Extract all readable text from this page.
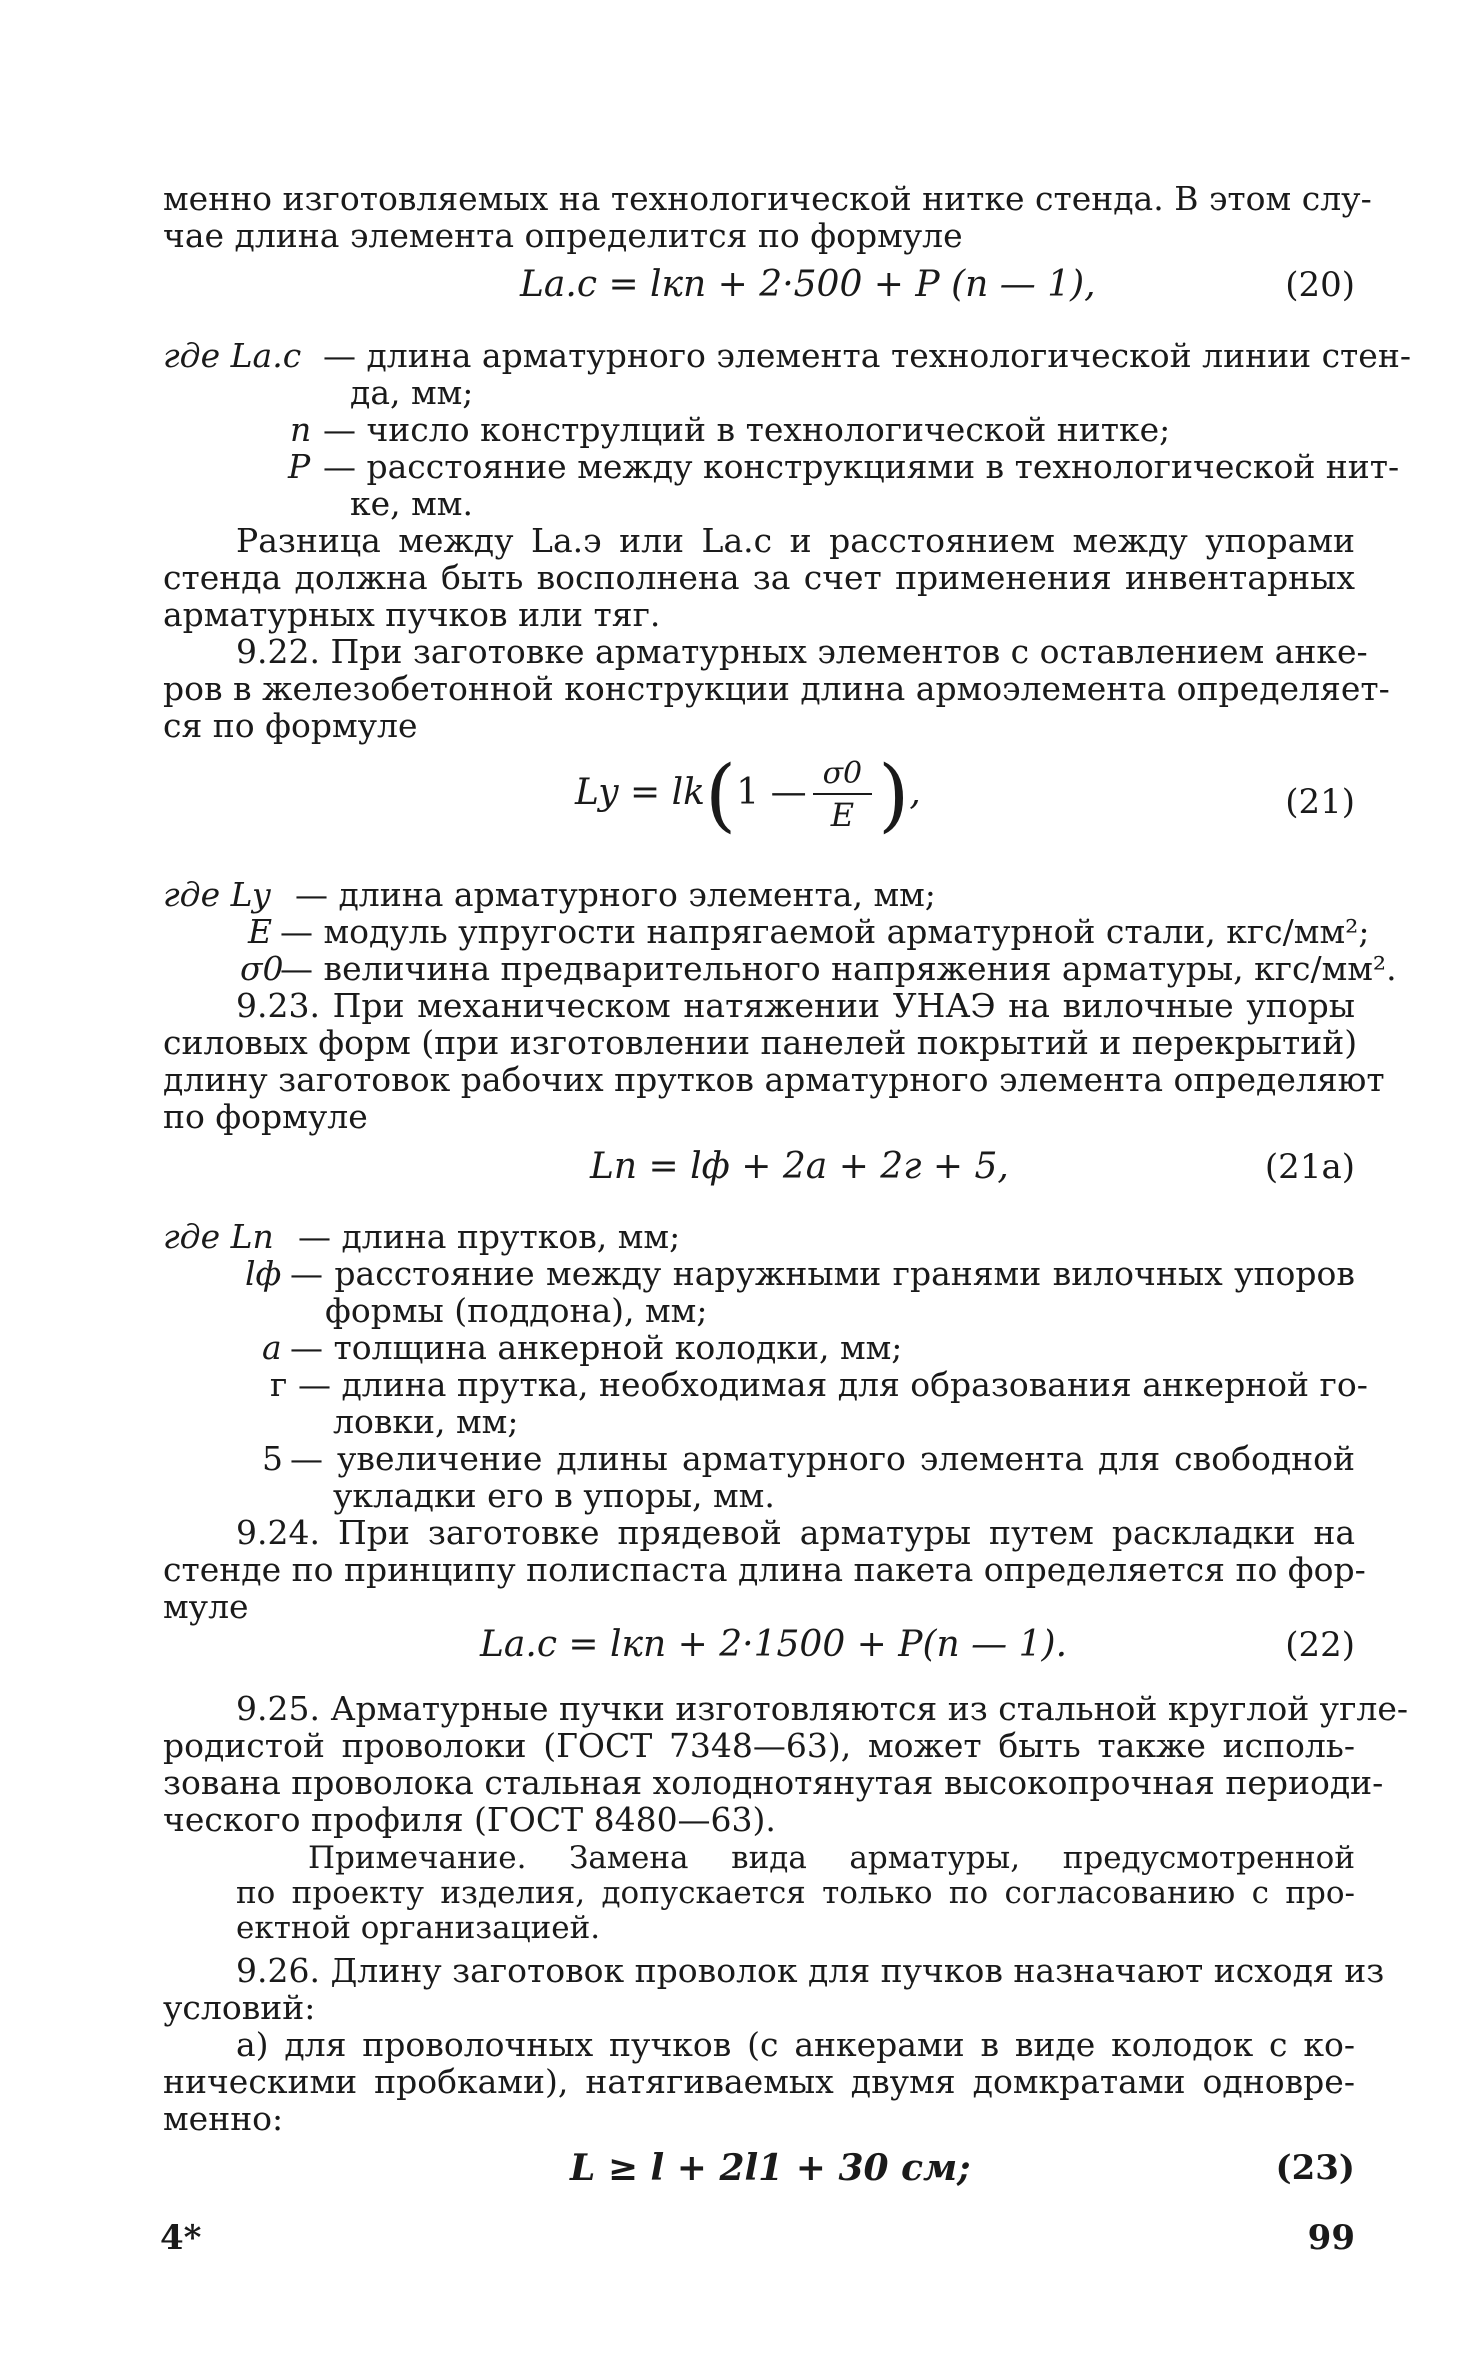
менно изготовляемых на технологической нитке стенда. В этом слу-
чае длина элемента определится по формуле
Lа.с = lкn + 2·500 + P (n — 1),	(20)
где Lа.с — длина арматурного элемента технологической линии стен-
да, мм;
n — число конструлций в технологической нитке;
P — расстояние между конструкциями в технологической нит-
ке, мм.
Разница между Lа.э или Lа.с и расстоянием между упорами
стенда должна быть восполнена за счет применения инвентарных
арматурных пучков или тяг.
9.22. При заготовке арматурных элементов с оставлением анке-
ров в железобетонной конструкции длина армоэлемента определяет-
ся по формуле
Ly = lk(1 — $\frac{\sigma 0}{E}$ ),	(21)
где Ly — длина арматурного элемента, мм;
E — модуль упругости напрягаемой арматурной стали, кгс/мм²;
σ0
— величина предварительного напряжения арматуры, кгс/мм².
9.23. При механическом натяжении УНАЭ на вилочные упоры
силовых форм (при изготовлении панелей покрытий и перекрытий)
длину заготовок рабочих прутков арматурного элемента определяют
по формуле
Lп = lф + 2a + 2г + 5,	(21а)
где Lп — длина прутков, мм;
lф — расстояние между наружными гранями вилочных упоров
формы (поддона), мм;
a — толщина анкерной колодки, мм;
г — длина прутка, необходимая для образования анкерной го-
ловки, мм;
5 — увеличение длины арматурного элемента для свободной
укладки его в упоры, мм.
9.24. При заготовке прядевой арматуры путем раскладки на
стенде по принципу полиспаста длина пакета определяется по фор-
муле
Lа.с = lкn + 2·1500 + P(n — 1).	(22)
9.25. Арматурные пучки изготовляются из стальной круглой угле-
родистой проволоки (ГОСТ 7348—63), может быть также исполь-
зована проволока стальная холоднотянутая высокопрочная периоди-
ческого профиля (ГОСТ 8480—63).
Примечание. Замена вида арматуры, предусмотренной
по проекту изделия, допускается только по согласованию с про-
ектной организацией.
9.26. Длину заготовок проволок для пучков назначают исходя из
условий:
а) для проволочных пучков (с анкерами в виде колодок с ко-
ническими пробками), натягиваемых двумя домкратами одновре-
менно:
L ≥ l + 2l1 + 30 см;	(23)
4*	99
